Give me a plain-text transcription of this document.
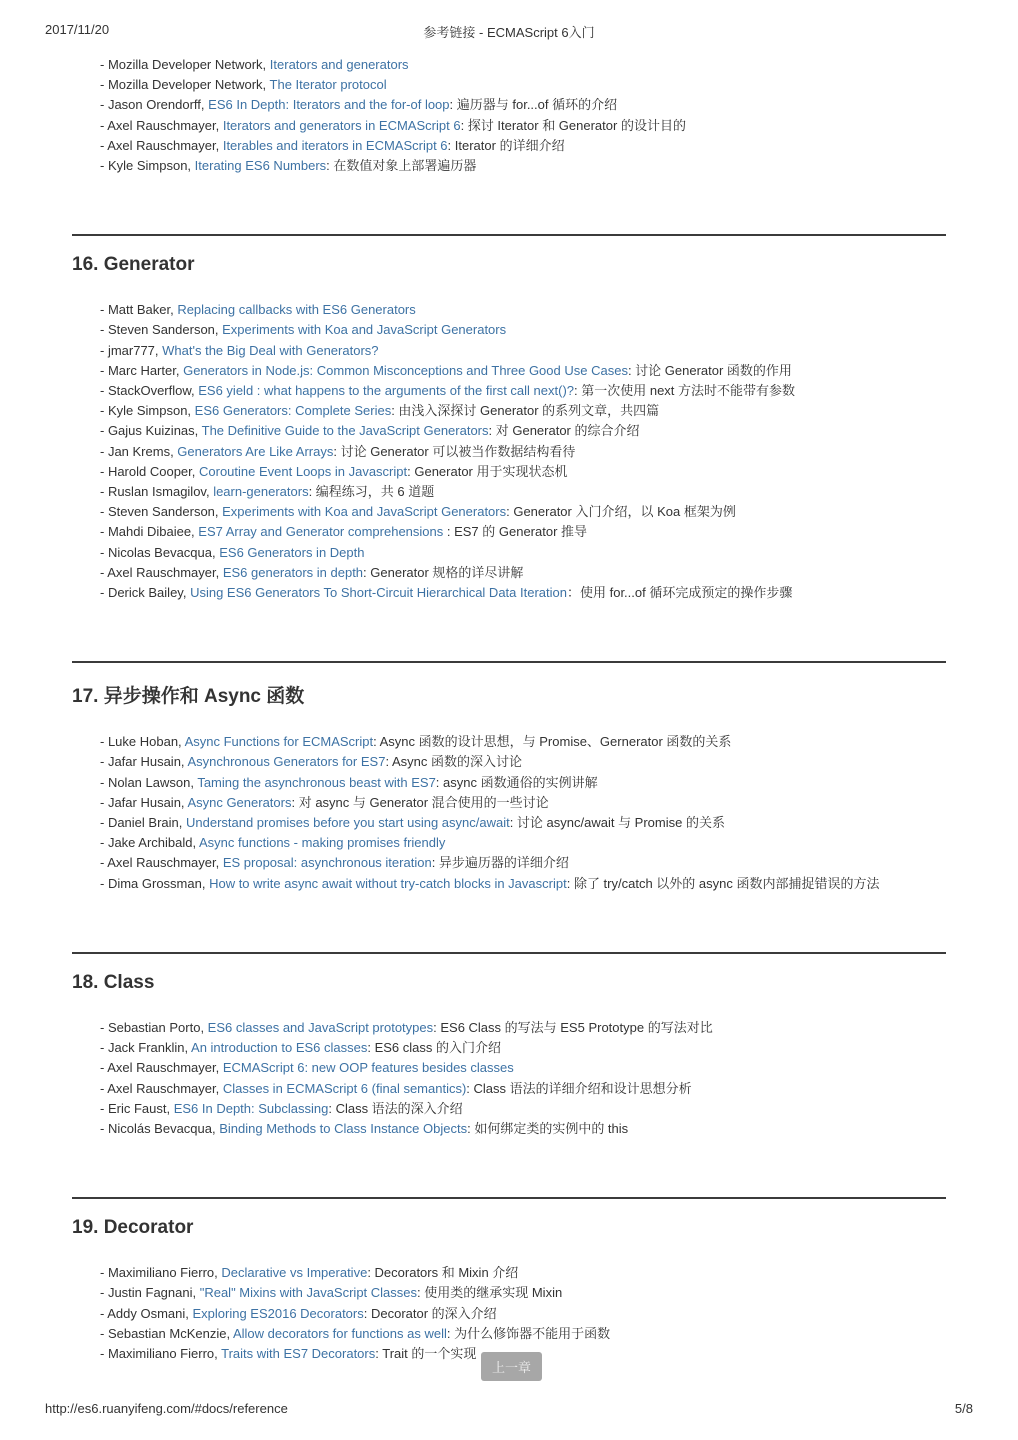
2017/11/20	参考链接 - ECMAScript 6入门
- Mozilla Developer Network, Iterators and generators
- Mozilla Developer Network, The Iterator protocol
- Jason Orendorff, ES6 In Depth: Iterators and the for-of loop: 遍历器与 for...of 循环的介绍
- Axel Rauschmayer, Iterators and generators in ECMAScript 6: 探讨 Iterator 和 Generator 的设计目的
- Axel Rauschmayer, Iterables and iterators in ECMAScript 6: Iterator 的详细介绍
- Kyle Simpson, Iterating ES6 Numbers: 在数值对象上部署遍历器
16. Generator
- Matt Baker, Replacing callbacks with ES6 Generators
- Steven Sanderson, Experiments with Koa and JavaScript Generators
- jmar777, What's the Big Deal with Generators?
- Marc Harter, Generators in Node.js: Common Misconceptions and Three Good Use Cases: 讨论 Generator 函数的作用
- StackOverflow, ES6 yield : what happens to the arguments of the first call next()?: 第一次使用 next 方法时不能带有参数
- Kyle Simpson, ES6 Generators: Complete Series: 由浅入深探讨 Generator 的系列文章，共四篇
- Gajus Kuizinas, The Definitive Guide to the JavaScript Generators: 对 Generator 的综合介绍
- Jan Krems, Generators Are Like Arrays: 讨论 Generator 可以被当作数据结构看待
- Harold Cooper, Coroutine Event Loops in Javascript: Generator 用于实现状态机
- Ruslan Ismagilov, learn-generators: 编程练习，共 6 道题
- Steven Sanderson, Experiments with Koa and JavaScript Generators: Generator 入门介绍，以 Koa 框架为例
- Mahdi Dibaiee, ES7 Array and Generator comprehensions : ES7 的 Generator 推导
- Nicolas Bevacqua, ES6 Generators in Depth
- Axel Rauschmayer, ES6 generators in depth: Generator 规格的详尽讲解
- Derick Bailey, Using ES6 Generators To Short-Circuit Hierarchical Data Iteration：使用 for...of 循环完成预定的操作步骤
17. 异步操作和 Async 函数
- Luke Hoban, Async Functions for ECMAScript: Async 函数的设计思想，与 Promise、Gernerator 函数的关系
- Jafar Husain, Asynchronous Generators for ES7: Async 函数的深入讨论
- Nolan Lawson, Taming the asynchronous beast with ES7: async 函数通俗的实例讲解
- Jafar Husain, Async Generators: 对 async 与 Generator 混合使用的一些讨论
- Daniel Brain, Understand promises before you start using async/await: 讨论 async/await 与 Promise 的关系
- Jake Archibald, Async functions - making promises friendly
- Axel Rauschmayer, ES proposal: asynchronous iteration: 异步遍历器的详细介绍
- Dima Grossman, How to write async await without try-catch blocks in Javascript: 除了 try/catch 以外的 async 函数内部捕捉错误的方法
18. Class
- Sebastian Porto, ES6 classes and JavaScript prototypes: ES6 Class 的写法与 ES5 Prototype 的写法对比
- Jack Franklin, An introduction to ES6 classes: ES6 class 的入门介绍
- Axel Rauschmayer, ECMAScript 6: new OOP features besides classes
- Axel Rauschmayer, Classes in ECMAScript 6 (final semantics): Class 语法的详细介绍和设计思想分析
- Eric Faust, ES6 In Depth: Subclassing: Class 语法的深入介绍
- Nicolás Bevacqua, Binding Methods to Class Instance Objects: 如何绑定类的实例中的 this
19. Decorator
- Maximiliano Fierro, Declarative vs Imperative: Decorators 和 Mixin 介绍
- Justin Fagnani, "Real" Mixins with JavaScript Classes: 使用类的继承实现 Mixin
- Addy Osmani, Exploring ES2016 Decorators: Decorator 的深入介绍
- Sebastian McKenzie, Allow decorators for functions as well: 为什么修饰器不能用于函数
- Maximiliano Fierro, Traits with ES7 Decorators: Trait 的一个实现
上一章
http://es6.ruanyifeng.com/#docs/reference	5/8
